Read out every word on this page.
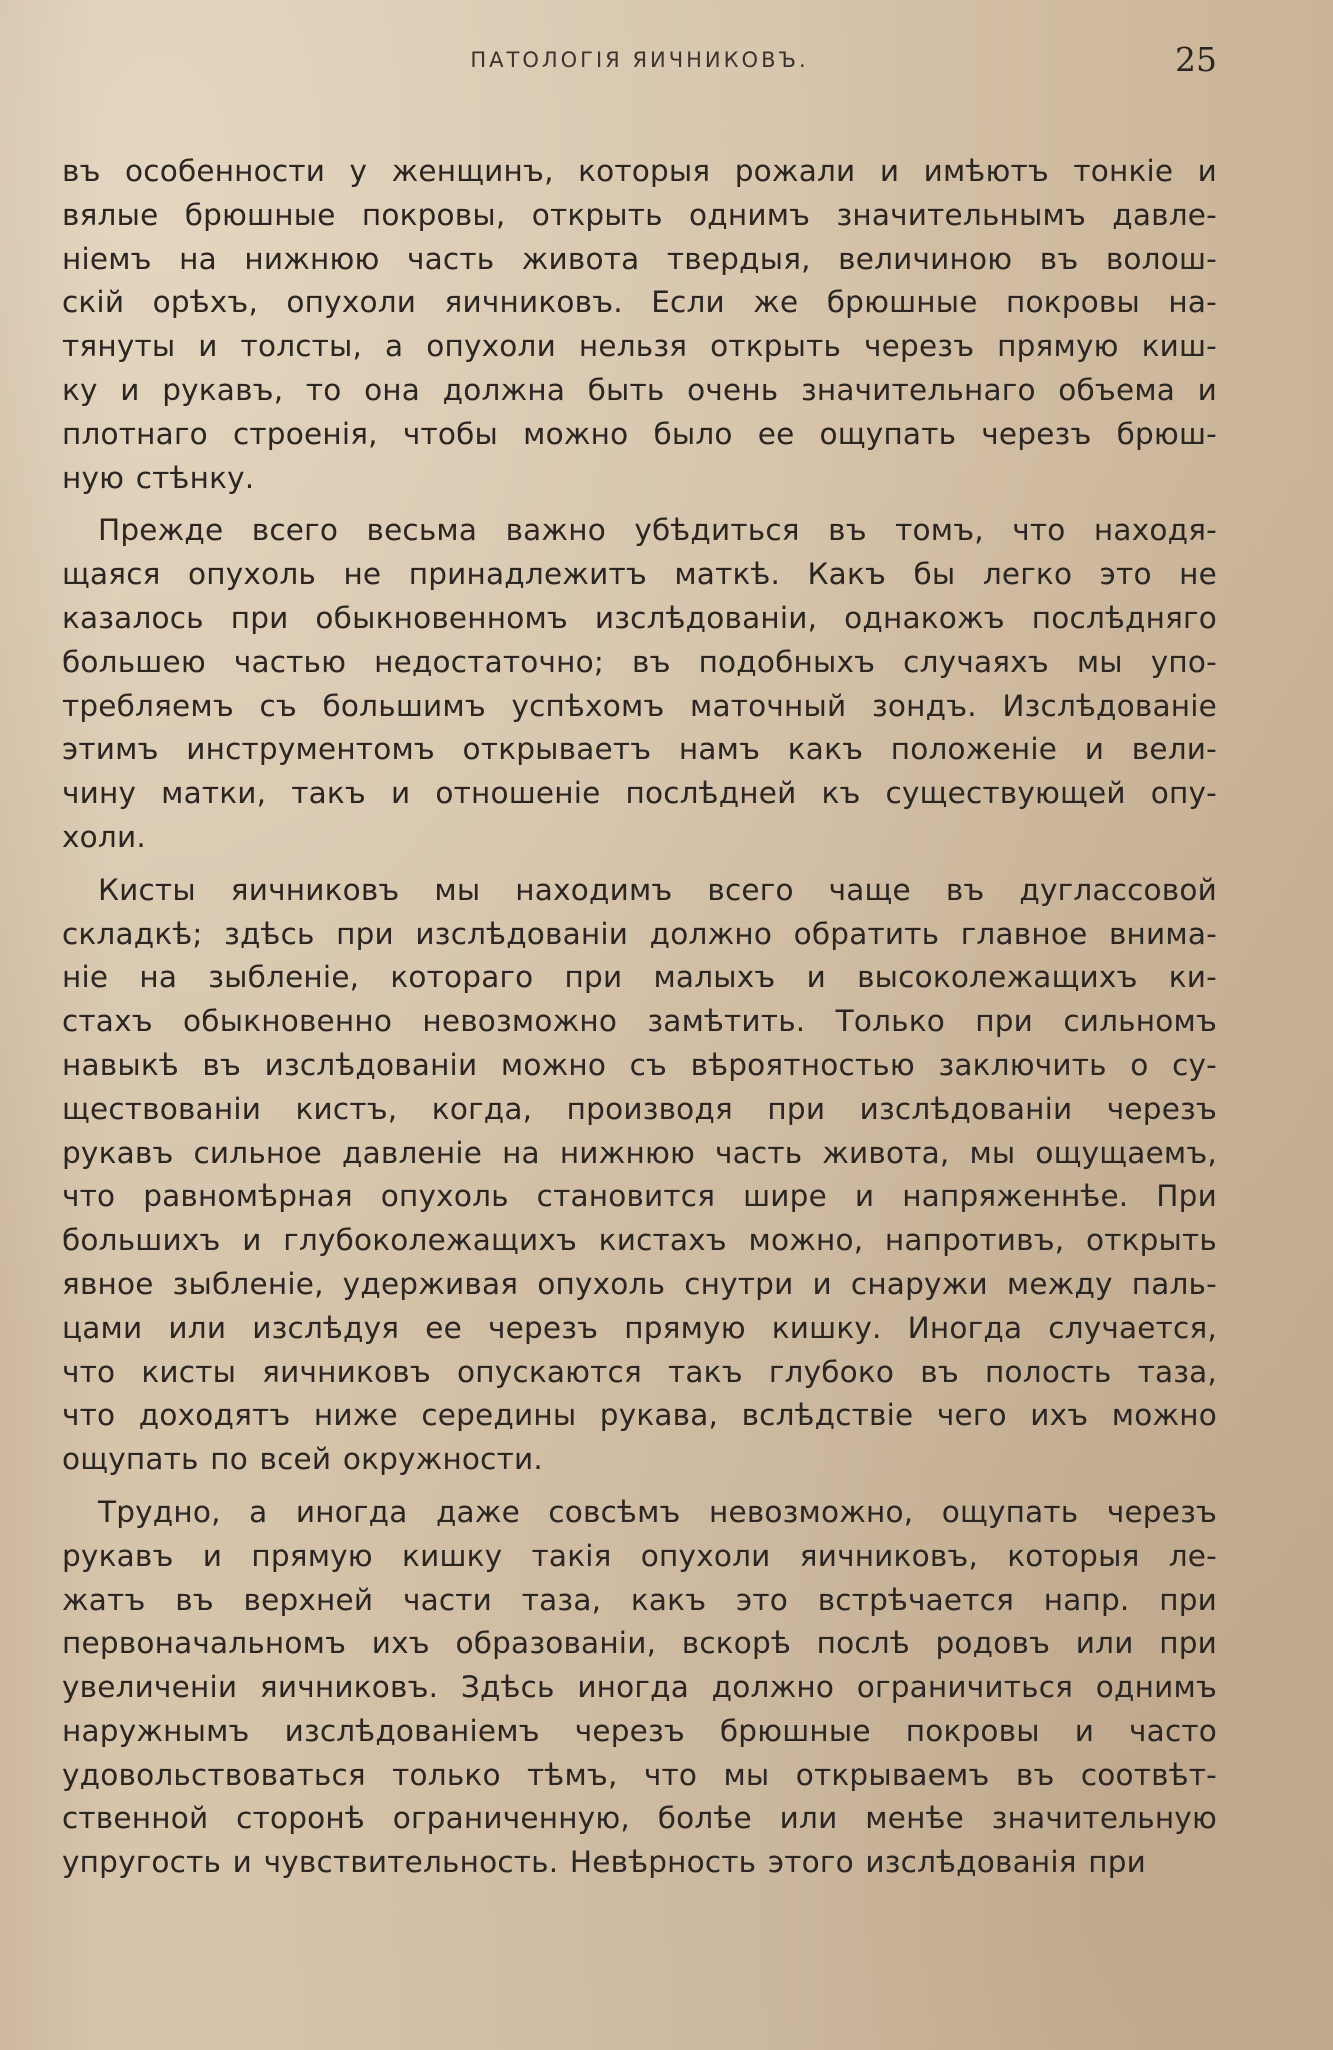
ПАТОЛОГІЯ ЯИЧНИКОВЪ.	25
въ особенности у женщинъ, которыя рожали и имѣютъ тонкіе и
вялые брюшные покровы, открыть однимъ значительнымъ давле-
ніемъ на нижнюю часть живота твердыя, величиною въ волош-
скій орѣхъ, опухоли яичниковъ. Если же брюшные покровы на-
тянуты и толсты, а опухоли нельзя открыть черезъ прямую киш-
ку и рукавъ, то она должна быть очень значительнаго объема и
плотнаго строенія, чтобы можно было ее ощупать черезъ брюш-
ную стѣнку.
Прежде всего весьма важно убѣдиться въ томъ, что находя-
щаяся опухоль не принадлежитъ маткѣ. Какъ бы легко это не
казалось при обыкновенномъ изслѣдованіи, однакожъ послѣдняго
большею частью недостаточно; въ подобныхъ случаяхъ мы упо-
требляемъ съ большимъ успѣхомъ маточный зондъ. Изслѣдованіе
этимъ инструментомъ открываетъ намъ какъ положеніе и вели-
чину матки, такъ и отношеніе послѣдней къ существующей опу-
холи.
Кисты яичниковъ мы находимъ всего чаще въ дуглассовой
складкѣ; здѣсь при изслѣдованіи должно обратить главное внима-
ніе на зыбленіе, котораго при малыхъ и высоколежащихъ ки-
стахъ обыкновенно невозможно замѣтить. Только при сильномъ
навыкѣ въ изслѣдованіи можно съ вѣроятностью заключить о су-
ществованіи кистъ, когда, производя при изслѣдованіи черезъ
рукавъ сильное давленіе на нижнюю часть живота, мы ощущаемъ,
что равномѣрная опухоль становится шире и напряженнѣе. При
большихъ и глубоколежащихъ кистахъ можно, напротивъ, открыть
явное зыбленіе, удерживая опухоль снутри и снаружи между паль-
цами или изслѣдуя ее черезъ прямую кишку. Иногда случается,
что кисты яичниковъ опускаются такъ глубоко въ полость таза,
что доходятъ ниже середины рукава, вслѣдствіе чего ихъ можно
ощупать по всей окружности.
Трудно, а иногда даже совсѣмъ невозможно, ощупать черезъ
рукавъ и прямую кишку такія опухоли яичниковъ, которыя ле-
жатъ въ верхней части таза, какъ это встрѣчается напр. при
первоначальномъ ихъ образованіи, вскорѣ послѣ родовъ или при
увеличеніи яичниковъ. Здѣсь иногда должно ограничиться однимъ
наружнымъ изслѣдованіемъ черезъ брюшные покровы и часто
удовольствоваться только тѣмъ, что мы открываемъ въ соотвѣт-
ственной сторонѣ ограниченную, болѣе или менѣе значительную
упругость и чувствительность. Невѣрность этого изслѣдованія при
